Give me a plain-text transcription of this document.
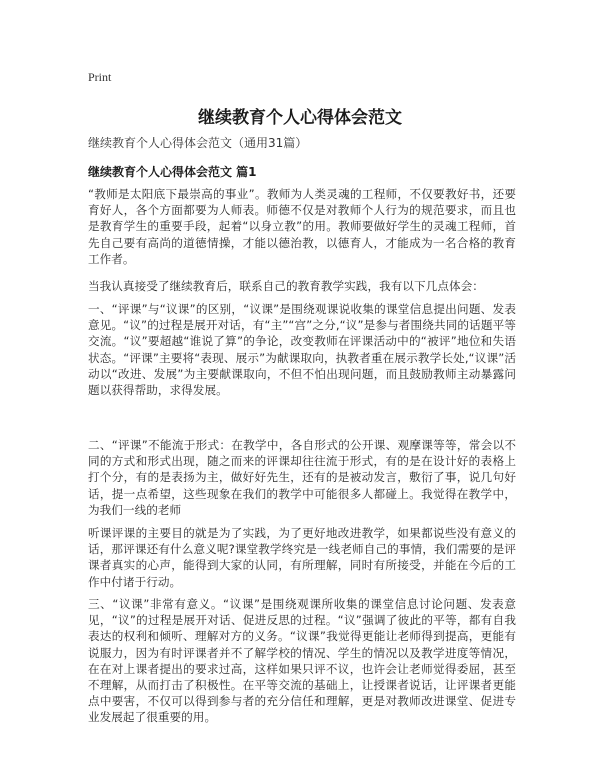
Print
继续教育个人心得体会范文
继续教育个人心得体会范文（通用31篇）
继续教育个人心得体会范文 篇1

“教师是太阳底下最崇高的事业”。教师为人类灵魂的工程师，不仅要教好书，还要育好人，各个方面都要为人师表。师德不仅是对教师个人行为的规范要求，而且也是教育学生的重要手段，起着“以身立教”的用。教师要做好学生的灵魂工程师，首先自己要有高尚的道德情操，才能以德治教，以德育人，才能成为一名合格的教育工作者。

当我认真接受了继续教育后，联系自己的教育教学实践，我有以下几点体会：

一、“评课”与“议课”的区别，“议课”是围绕观课说收集的课堂信息提出问题、发表意见。“议”的过程是展开对话，有“主”“宫”之分,“议”是参与者围绕共同的话题平等交流。“议”要超越“谁说了算”的争论，改变教师在评课活动中的“被评”地位和失语状态。“评课”主要将“表现、展示”为献课取向，执教者重在展示教学长处,“议课”活动以“改进、发展”为主要献课取向，不但不怕出现问题，而且鼓励教师主动暴露问题以获得帮助，求得发展。

二、“评课”不能流于形式：在教学中，各自形式的公开课、观摩课等等，常会以不同的方式和形式出现，随之而来的评课却往往流于形式，有的是在设计好的表格上打个分，有的是表扬为主，做好好先生，还有的是被动发言，敷衍了事，说几句好话，提一点希望，这些现象在我们的教学中可能很多人都碰上。我觉得在教学中，为我们一线的老师

听课评课的主要目的就是为了实践，为了更好地改进教学，如果都说些没有意义的话，那评课还有什么意义呢?课堂教学终究是一线老师自己的事情，我们需要的是评课者真实的心声，能得到大家的认同，有所理解，同时有所接受，并能在今后的工作中付诸于行动。

三、“议课”非常有意义。“议课”是围绕观课所收集的课堂信息讨论问题、发表意见，“议”的过程是展开对话、促进反思的过程。“议”强调了彼此的平等，都有自我表达的权利和倾听、理解对方的义务。“议课”我觉得更能让老师得到提高，更能有说服力，因为有时评课者并不了解学校的情况、学生的情况以及教学进度等情况，在在对上课者提出的要求过高，这样如果只评不议，也许会让老师觉得委屈，甚至不理解，从而打击了积极性。在平等交流的基础上，让授课者说话，让评课者更能点中要害，不仅可以得到参与者的充分信任和理解，更是对教师改进课堂、促进专业发展起了很重要的用。
